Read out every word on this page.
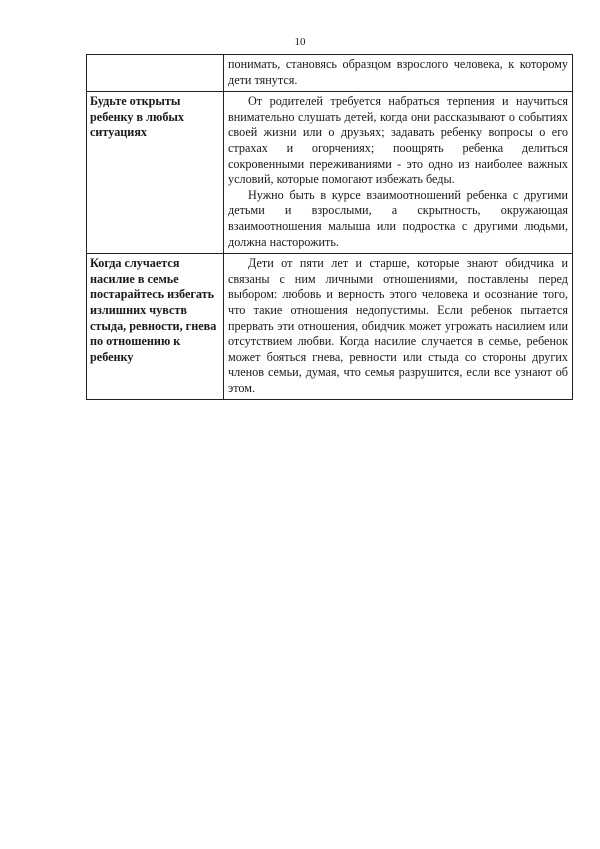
10

	понимать, становясь образцом взрослого человека, к которому дети тянутся.

Будьте открыты ребенку в любых ситуациях	От родителей требуется набраться терпения и научиться внимательно слушать детей, когда они рассказывают о событиях своей жизни или о друзьях; задавать ребенку вопросы о его страхах и огорчениях; поощрять ребенка делиться сокровенными переживаниями - это одно из наиболее важных условий, которые помогают избежать беды.

Нужно быть в курсе взаимоотношений ребенка с другими детьми и взрослыми, а скрытность, окружающая взаимоотношения малыша или подростка с другими людьми, должна насторожить.

Когда случается насилие в семье постарайтесь избегать излишних чувств стыда, ревности, гнева по отношению к ребенку	Дети от пяти лет и старше, которые знают обидчика и связаны с ним личными отношениями, поставлены перед выбором: любовь и верность этого человека и осознание того, что такие отношения недопустимы. Если ребенок пытается прервать эти отношения, обидчик может угрожать насилием или отсутствием любви. Когда насилие случается в семье, ребенок может бояться гнева, ревности или стыда со стороны других членов семьи, думая, что семья разрушится, если все узнают об этом.
